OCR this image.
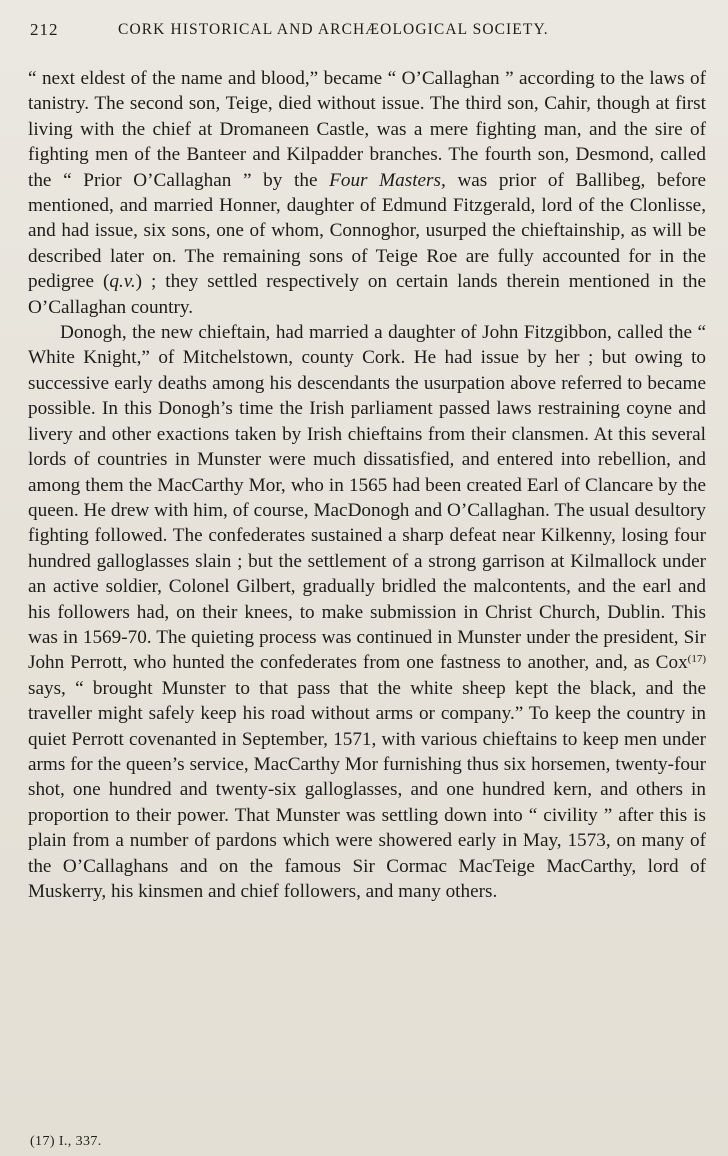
212	CORK HISTORICAL AND ARCHÆOLOGICAL SOCIETY.

“ next eldest of the name and blood,” became “ O’Callaghan ” according to the laws of tanistry. The second son, Teige, died without issue. The third son, Cahir, though at first living with the chief at Dromaneen Castle, was a mere fighting man, and the sire of fighting men of the Banteer and Kilpadder branches. The fourth son, Desmond, called the “ Prior O’Callaghan ” by the Four Masters, was prior of Ballibeg, before mentioned, and married Honner, daughter of Edmund Fitzgerald, lord of the Clonlisse, and had issue, six sons, one of whom, Connoghor, usurped the chieftainship, as will be described later on. The remaining sons of Teige Roe are fully accounted for in the pedigree (q.v.) ; they settled respectively on certain lands therein mentioned in the O’Callaghan country.

Donogh, the new chieftain, had married a daughter of John Fitzgibbon, called the “ White Knight,” of Mitchelstown, county Cork. He had issue by her ; but owing to successive early deaths among his descendants the usurpation above referred to became possible. In this Donogh’s time the Irish parliament passed laws restraining coyne and livery and other exactions taken by Irish chieftains from their clansmen. At this several lords of countries in Munster were much dissatisfied, and entered into rebellion, and among them the MacCarthy Mor, who in 1565 had been created Earl of Clancare by the queen. He drew with him, of course, MacDonogh and O’Callaghan. The usual desultory fighting followed. The confederates sustained a sharp defeat near Kilkenny, losing four hundred galloglasses slain ; but the settlement of a strong garrison at Kilmallock under an active soldier, Colonel Gilbert, gradually bridled the malcontents, and the earl and his followers had, on their knees, to make submission in Christ Church, Dublin. This was in 1569-70. The quieting process was continued in Munster under the president, Sir John Perrott, who hunted the confederates from one fastness to another, and, as Cox$^{(17)}$ says, “ brought Munster to that pass that the white sheep kept the black, and the traveller might safely keep his road without arms or company.” To keep the country in quiet Perrott covenanted in September, 1571, with various chieftains to keep men under arms for the queen’s service, MacCarthy Mor furnishing thus six horsemen, twenty-four shot, one hundred and twenty-six galloglasses, and one hundred kern, and others in proportion to their power. That Munster was settling down into “ civility ” after this is plain from a number of pardons which were showered early in May, 1573, on many of the O’Callaghans and on the famous Sir Cormac MacTeige MacCarthy, lord of Muskerry, his kinsmen and chief followers, and many others.

(17) I., 337.
